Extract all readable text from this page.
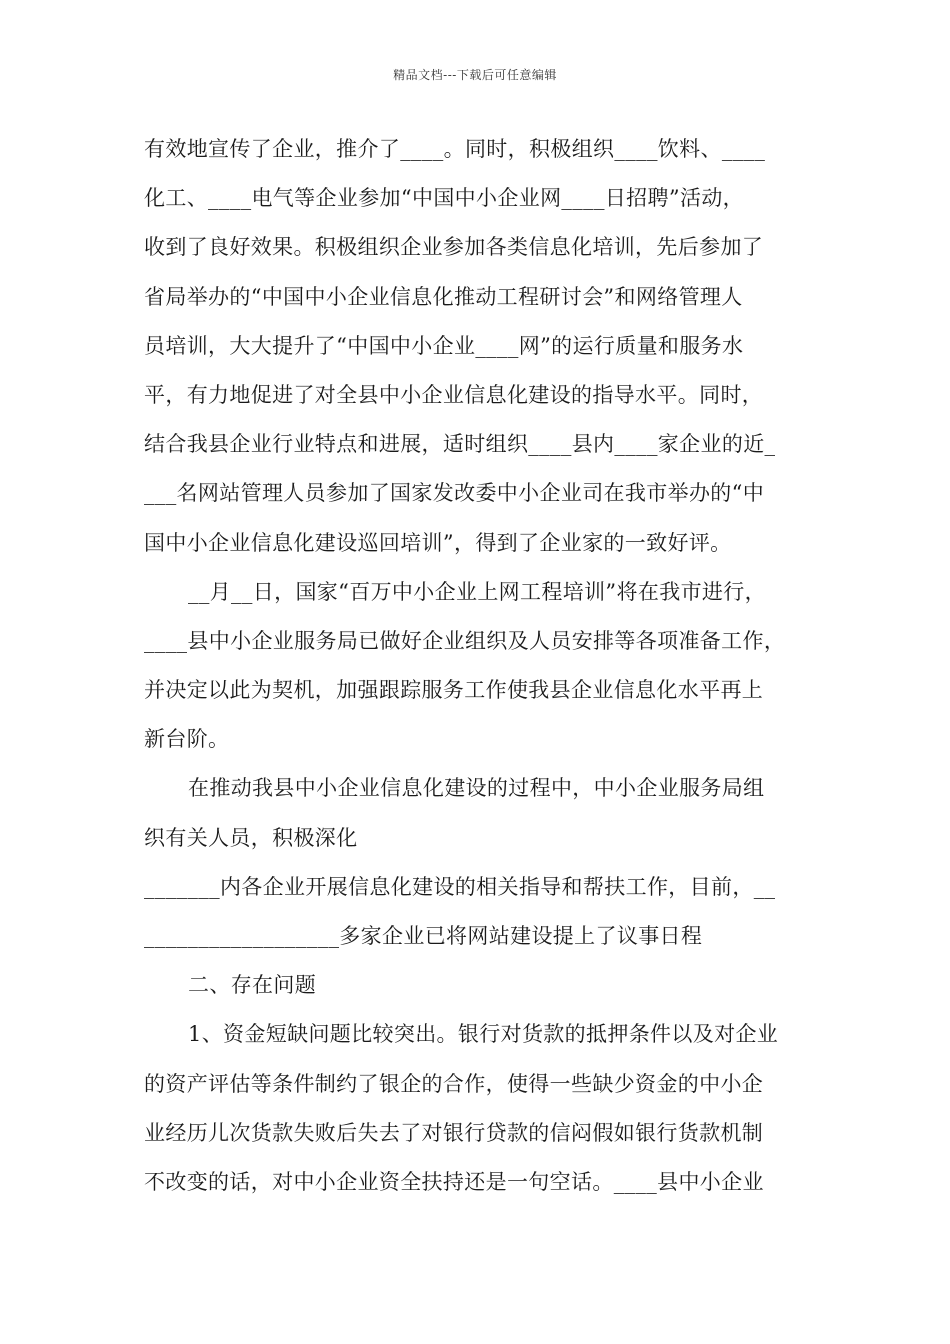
精品文档---下载后可任意编辑
有效地宣传了企业，推介了____。同时，积极组织____饮料、____
化工、____电气等企业参加“中国中小企业网____日招聘”活动，
收到了良好效果。积极组织企业参加各类信息化培训，先后参加了
省局举办的“中国中小企业信息化推动工程研讨会”和网络管理人
员培训，大大提升了“中国中小企业____网”的运行质量和服务水
平，有力地促进了对全县中小企业信息化建设的指导水平。同时，
结合我县企业行业特点和进展，适时组织____县内____家企业的近_
___名网站管理人员参加了国家发改委中小企业司在我市举办的“中
国中小企业信息化建设巡回培训”，得到了企业家的一致好评。
__月__日，国家“百万中小企业上网工程培训”将在我市进行，
____县中小企业服务局已做好企业组织及人员安排等各项准备工作，
并决定以此为契机，加强跟踪服务工作使我县企业信息化水平再上
新台阶。
在推动我县中小企业信息化建设的过程中，中小企业服务局组
织有关人员，积极深化
_______内各企业开展信息化建设的相关指导和帮扶工作，目前，__
__________________多家企业已将网站建设提上了议事日程
二、存在问题
1、资金短缺问题比较突出。银行对货款的抵押条件以及对企业
的资产评估等条件制约了银企的合作，使得一些缺少资金的中小企
业经历儿次货款失败后失去了对银行贷款的信闷假如银行货款机制
不改变的话，对中小企业资全扶持还是一句空话。____县中小企业
